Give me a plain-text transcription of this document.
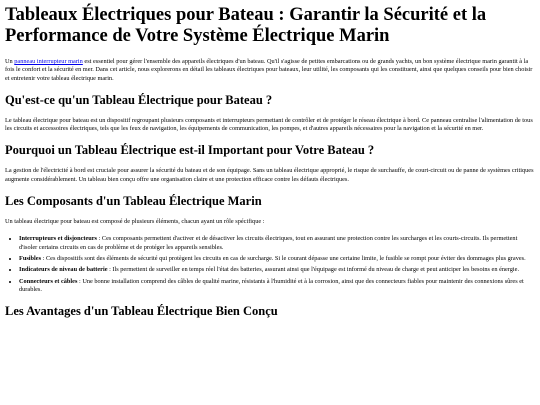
Tableaux Électriques pour Bateau : Garantir la Sécurité et la Performance de Votre Système Électrique Marin

Un panneau interrupteur marin est essentiel pour gérer l'ensemble des appareils électriques d'un bateau. Qu'il s'agisse de petites embarcations ou de grands yachts, un bon système électrique marin garantit à la fois le confort et la sécurité en mer. Dans cet article, nous explorerons en détail les tableaux électriques pour bateaux, leur utilité, les composants qui les constituent, ainsi que quelques conseils pour bien choisir et entretenir votre tableau électrique marin.

Qu'est-ce qu'un Tableau Électrique pour Bateau ?

Le tableau électrique pour bateau est un dispositif regroupant plusieurs composants et interrupteurs permettant de contrôler et de protéger le réseau électrique à bord. Ce panneau centralise l'alimentation de tous les circuits et accessoires électriques, tels que les feux de navigation, les équipements de communication, les pompes, et d'autres appareils nécessaires pour la navigation et la sécurité en mer.

Pourquoi un Tableau Électrique est-il Important pour Votre Bateau ?

La gestion de l'électricité à bord est cruciale pour assurer la sécurité du bateau et de son équipage. Sans un tableau électrique approprié, le risque de surchauffe, de court-circuit ou de panne de systèmes critiques augmente considérablement. Un tableau bien conçu offre une organisation claire et une protection efficace contre les défauts électriques.

Les Composants d'un Tableau Électrique Marin

Un tableau électrique pour bateau est composé de plusieurs éléments, chacun ayant un rôle spécifique :

• Interrupteurs et disjoncteurs : Ces composants permettent d'activer et de désactiver les circuits électriques, tout en assurant une protection contre les surcharges et les courts-circuits. Ils permettent d'isoler certains circuits en cas de problème et de protéger les appareils sensibles.
• Fusibles : Ces dispositifs sont des éléments de sécurité qui protègent les circuits en cas de surcharge. Si le courant dépasse une certaine limite, le fusible se rompt pour éviter des dommages plus graves.
• Indicateurs de niveau de batterie : Ils permettent de surveiller en temps réel l'état des batteries, assurant ainsi que l'équipage est informé du niveau de charge et peut anticiper les besoins en énergie.
• Connecteurs et câbles : Une bonne installation comprend des câbles de qualité marine, résistants à l'humidité et à la corrosion, ainsi que des connecteurs fiables pour maintenir des connexions sûres et durables.
Les Avantages d'un Tableau Électrique Bien Conçu
